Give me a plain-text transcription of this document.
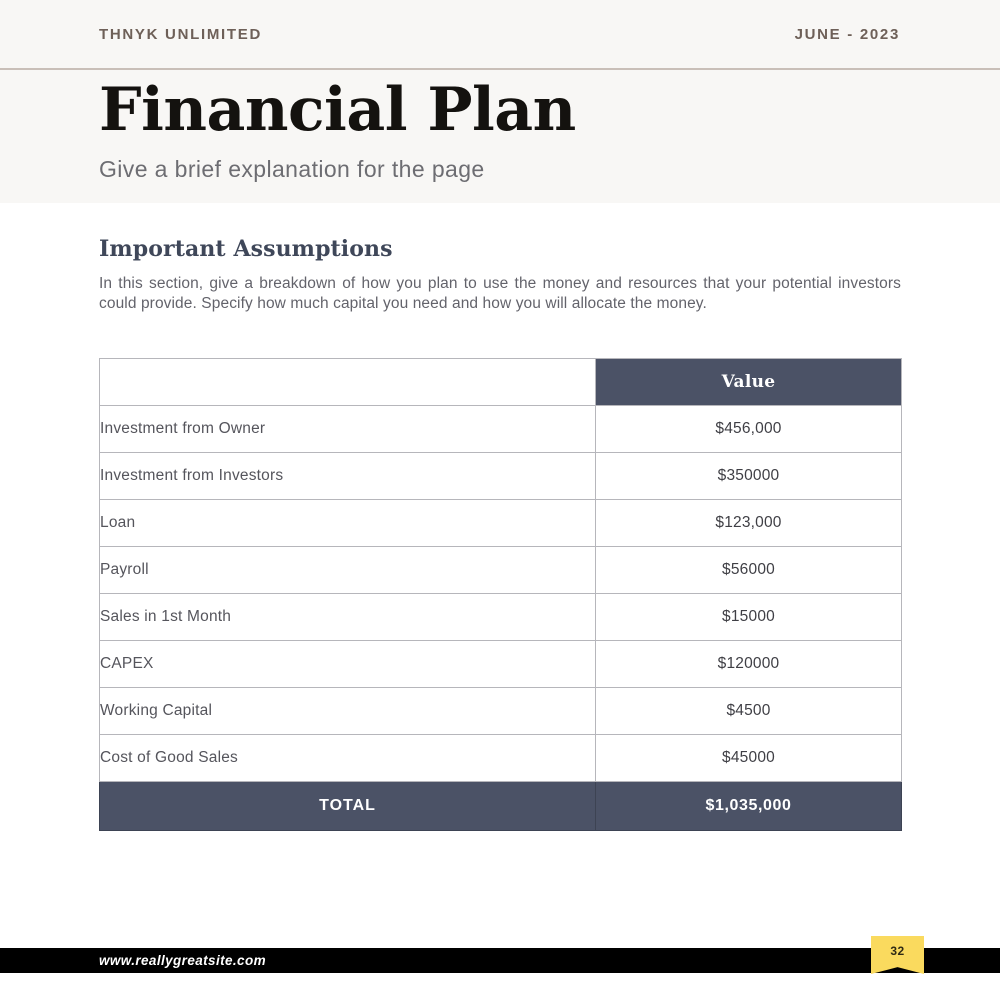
THNYK UNLIMITED	JUNE - 2023
Financial Plan

Give a brief explanation for the page

Important Assumptions

In this section, give a breakdown of how you plan to use the money and resources that your potential investors could provide. Specify how much capital you need and how you will allocate the money.

	Value
Investment from Owner	$456,000
Investment from Investors	$350000
Loan	$123,000
Payroll	$56000
Sales in 1st Month	$15000
CAPEX	$120000
Working Capital	$4500
Cost of Good Sales	$45000
TOTAL	$1,035,000
www.reallygreatsite.com
32
